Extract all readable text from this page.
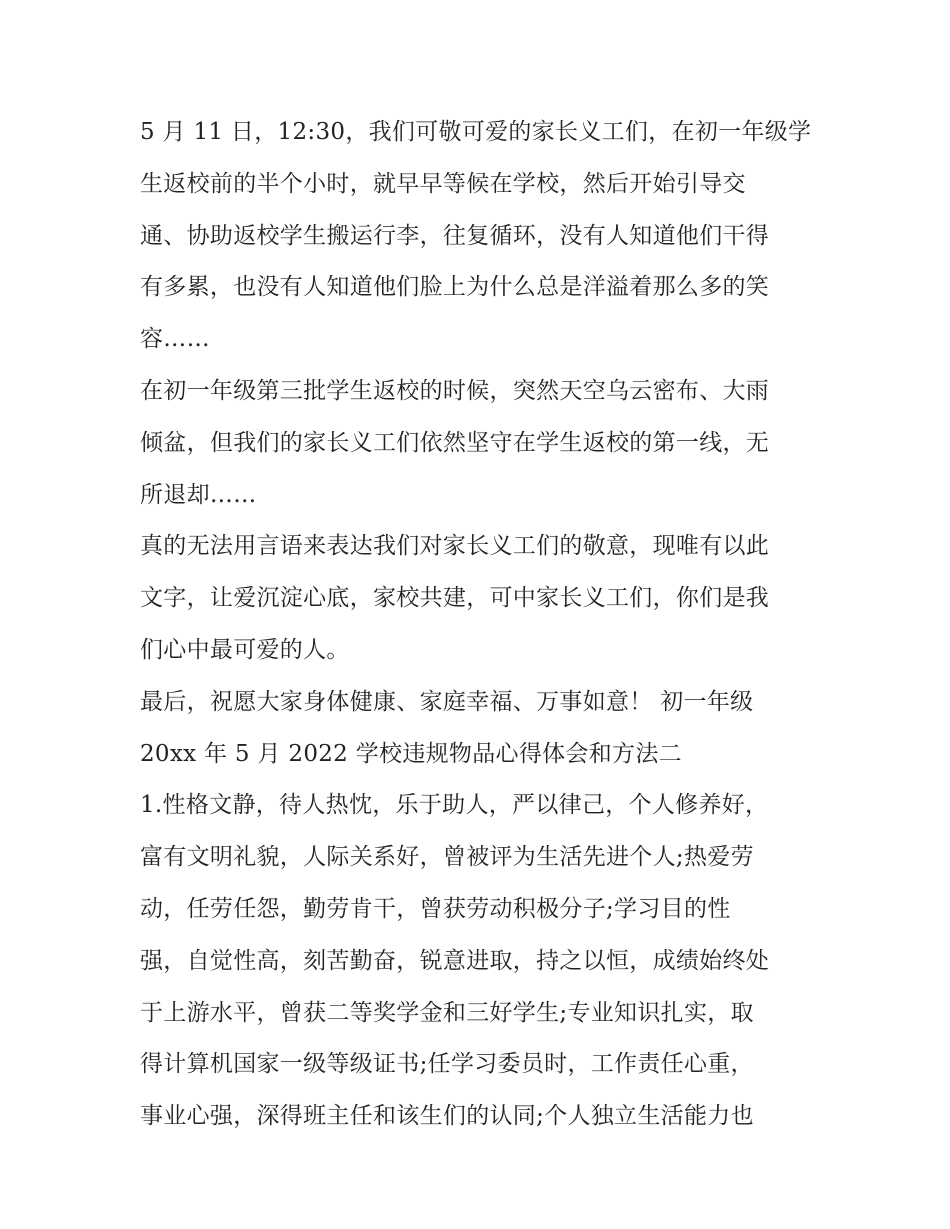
5 月 11 日，12:30，我们可敬可爱的家长义工们，在初一年级学
生返校前的半个小时，就早早等候在学校，然后开始引导交
通、协助返校学生搬运行李，往复循环，没有人知道他们干得
有多累，也没有人知道他们脸上为什么总是洋溢着那么多的笑
容……
在初一年级第三批学生返校的时候，突然天空乌云密布、大雨
倾盆，但我们的家长义工们依然坚守在学生返校的第一线，无
所退却……
真的无法用言语来表达我们对家长义工们的敬意，现唯有以此
文字，让爱沉淀心底，家校共建，可中家长义工们，你们是我
们心中最可爱的人。
最后，祝愿大家身体健康、家庭幸福、万事如意！ 初一年级
20xx 年 5 月 2022 学校违规物品心得体会和方法二
1.性格文静，待人热忱，乐于助人，严以律己，个人修养好，
富有文明礼貌，人际关系好，曾被评为生活先进个人;热爱劳
动，任劳任怨，勤劳肯干，曾获劳动积极分子;学习目的性
强，自觉性高，刻苦勤奋，锐意进取，持之以恒，成绩始终处
于上游水平，曾获二等奖学金和三好学生;专业知识扎实，取
得计算机国家一级等级证书;任学习委员时，工作责任心重，
事业心强，深得班主任和该生们的认同;个人独立生活能力也
